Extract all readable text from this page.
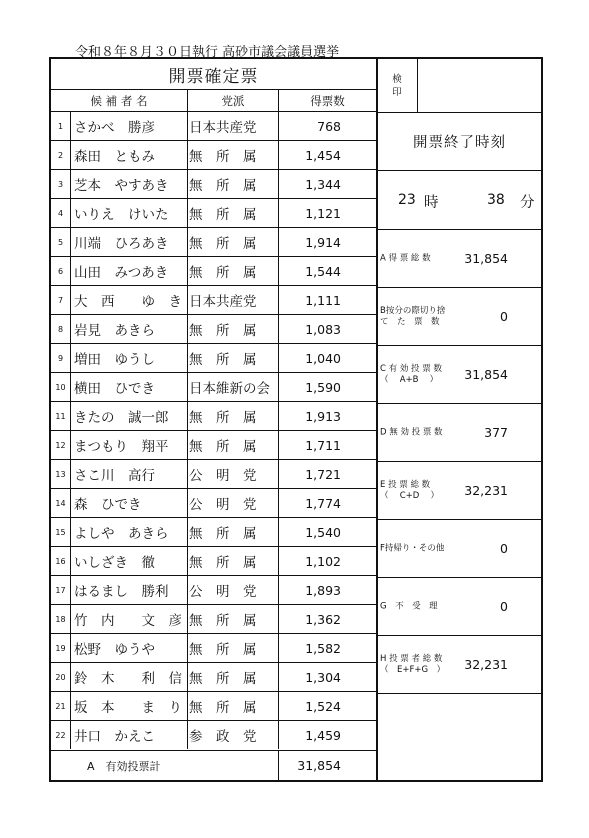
令和８年８月３０日執行 高砂市議会議員選挙
開票確定票
候 補 者 名	党派	得票数
1 さかべ　勝彦	日本共産党	768
2 森田　ともみ	無　所　属	1,454
3 芝本　やすあき	無　所　属	1,344
4 いりえ　けいた	無　所　属	1,121
5 川端　ひろあき	無　所　属	1,914
6 山田　みつあき	無　所　属	1,544
7 大　西　　ゆ　き 日本共産党	1,111
8 岩見　あきら	無　所　属	1,083
9 増田　ゆうし	無　所　属	1,040
10 横田　ひでき	日本維新の会	1,590
11 きたの　誠一郎	無　所　属	1,913
12 まつもり　翔平	無　所　属	1,711
13 さこ川　高行	公　明　党	1,721
14 森　ひでき	公　明　党	1,774
15 よしや　あきら	無　所　属	1,540
16 いしざき　徹	無　所　属	1,102
17 はるまし　勝利	公　明　党	1,893
18 竹　内　　文　彦 無　所　属	1,362
19 松野　ゆうや	無　所　属	1,582
20 鈴　木　　利　信 無　所　属	1,304
21 坂　本　　ま　り 無　所　属	1,524
22 井口　かえこ	参　政　党	1,459
A　有効投票計	31,854
検
印
開票終了時刻
23 時	38 分
A 得 票 総 数	31,854
B按分の際切り捨
て　た　票　数	0
C 有 効 投 票 数
（　 A+B　 ）	31,854
D 無 効 投 票 数	377
E 投 票 総 数
（　 C+D　 ） 32,231
F持帰り・その他	0
G　不　受　理	0
H 投 票 者 総 数
（　E+F+G　） 32,231
